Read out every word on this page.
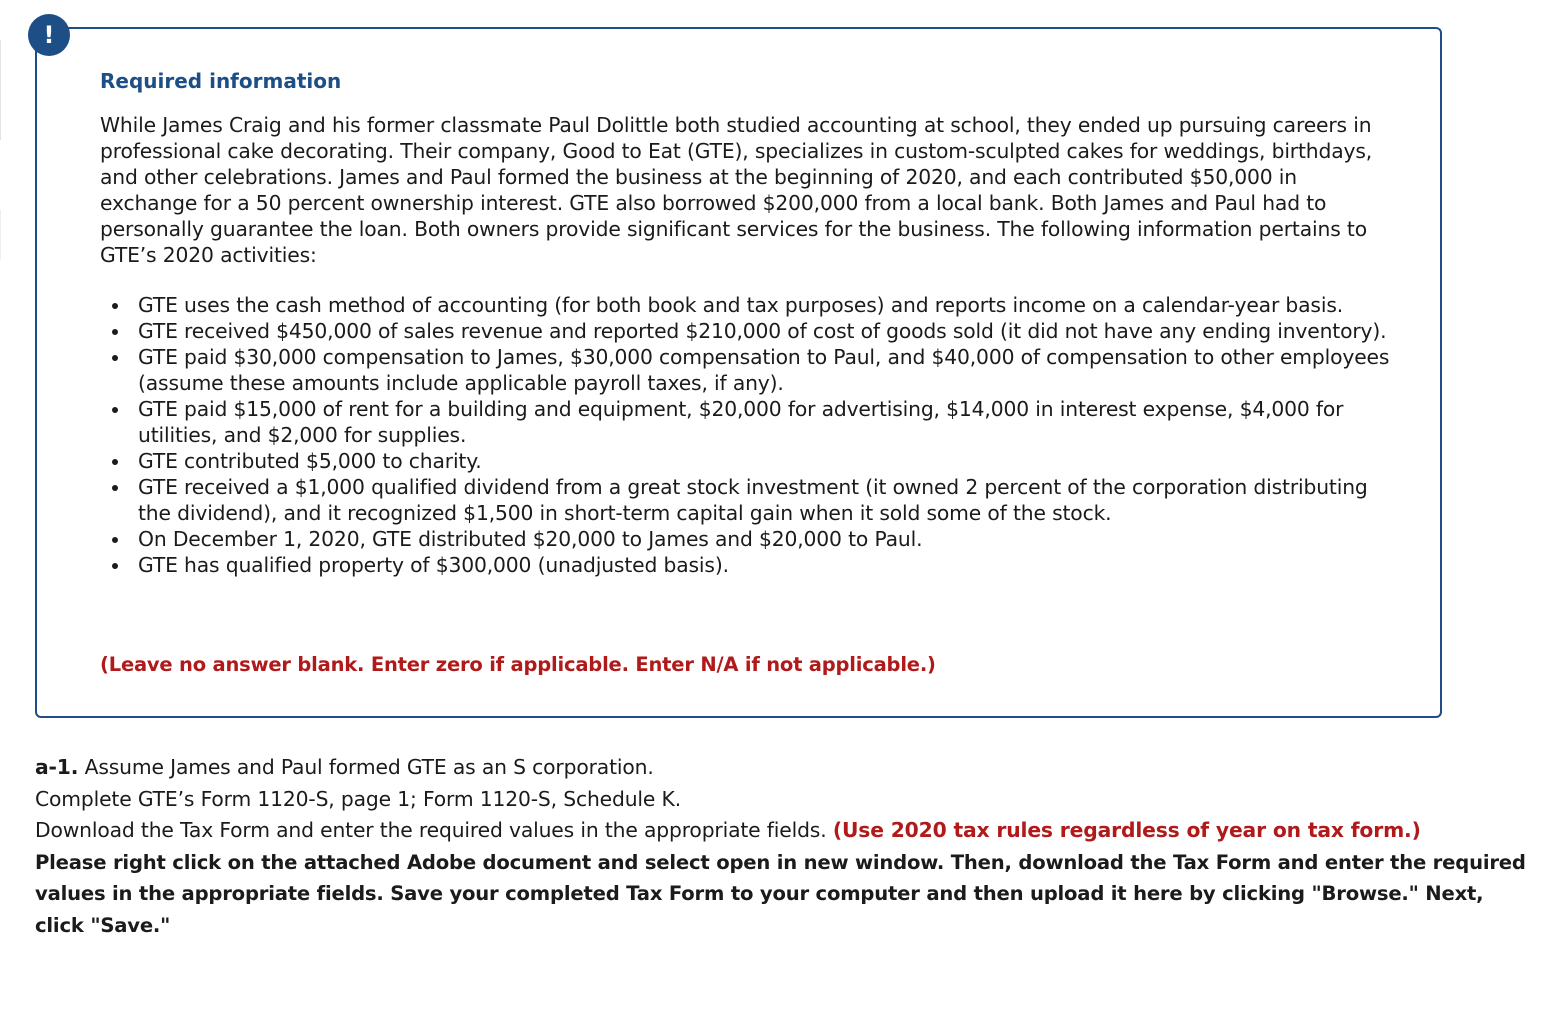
!
Required information

While James Craig and his former classmate Paul Dolittle both studied accounting at school, they ended up pursuing careers in professional cake decorating. Their company, Good to Eat (GTE), specializes in custom-sculpted cakes for weddings, birthdays, and other celebrations. James and Paul formed the business at the beginning of 2020, and each contributed $50,000 in exchange for a 50 percent ownership interest. GTE also borrowed $200,000 from a local bank. Both James and Paul had to personally guarantee the loan. Both owners provide significant services for the business. The following information pertains to GTE’s 2020 activities:

GTE uses the cash method of accounting (for both book and tax purposes) and reports income on a calendar-year basis.
GTE received $450,000 of sales revenue and reported $210,000 of cost of goods sold (it did not have any ending inventory).
GTE paid $30,000 compensation to James, $30,000 compensation to Paul, and $40,000 of compensation to other employees (assume these amounts include applicable payroll taxes, if any).
GTE paid $15,000 of rent for a building and equipment, $20,000 for advertising, $14,000 in interest expense, $4,000 for utilities, and $2,000 for supplies.
GTE contributed $5,000 to charity.
GTE received a $1,000 qualified dividend from a great stock investment (it owned 2 percent of the corporation distributing the dividend), and it recognized $1,500 in short-term capital gain when it sold some of the stock.
On December 1, 2020, GTE distributed $20,000 to James and $20,000 to Paul.
GTE has qualified property of $300,000 (unadjusted basis).

(Leave no answer blank. Enter zero if applicable. Enter N/A if not applicable.)

a-1. Assume James and Paul formed GTE as an S corporation.

Complete GTE’s Form 1120-S, page 1; Form 1120-S, Schedule K.

Download the Tax Form and enter the required values in the appropriate fields. (Use 2020 tax rules regardless of year on tax form.)

Please right click on the attached Adobe document and select open in new window. Then, download the Tax Form and enter the required values in the appropriate fields. Save your completed Tax Form to your computer and then upload it here by clicking "Browse." Next, click "Save."
